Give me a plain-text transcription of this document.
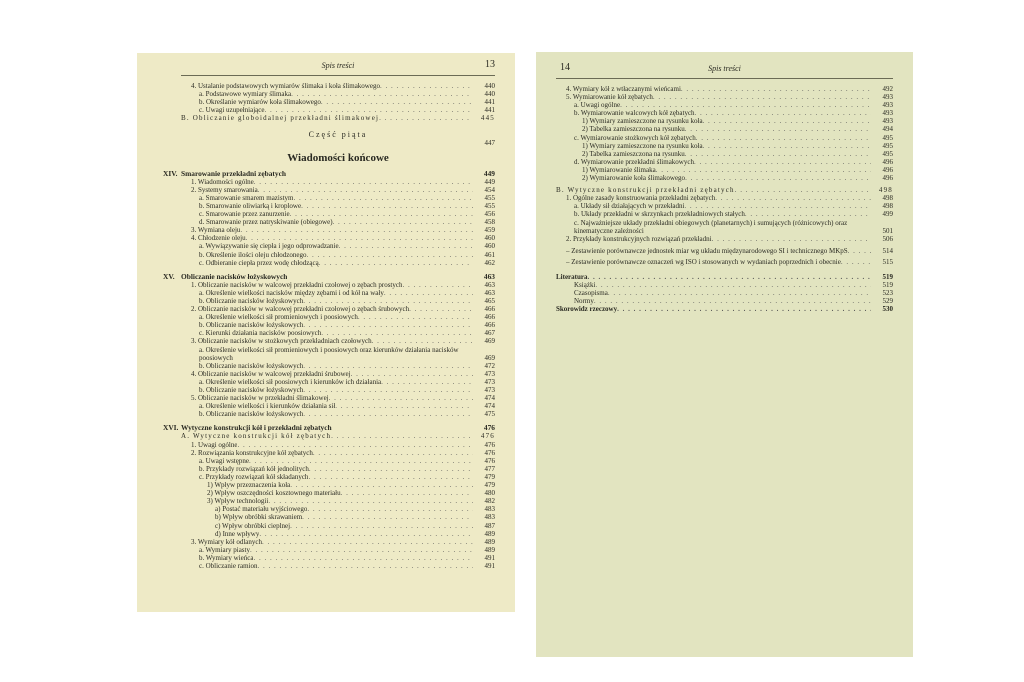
Spis treści	13
4. Ustalanie podstawowych wymiarów ślimaka i koła ślimakowego . . .	440
a. Podstawowe wymiary ślimaka . . .	440
b. Określanie wymiarów koła ślimakowego . . .	441
c. Uwagi uzupełniające . . .	441
B. Obliczanie globoidalnej przekładni ślimakowej . . .	445
Część piąta
447
Wiadomości końcowe
XIV. Smarowanie przekładni zębatych	449
1. Wiadomości ogólne . . .	449
2. Systemy smarowania . . .	454
a. Smarowanie smarem mazistym . . .	455
b. Smarowanie oliwiarką i kroplowe . . .	455
c. Smarowanie przez zanurzenie . . .	456
d. Smarowanie przez natryskiwanie (obiegowe) . . .	458
3. Wymiana oleju . . .	459
4. Chłodzenie oleju . . .	460
a. Wywiązywanie się ciepła i jego odprowadzanie . . .	460
b. Określenie ilości oleju chłodzonego . . .	461
c. Odbieranie ciepła przez wodę chłodzącą . . .	462
XV. Obliczanie nacisków łożyskowych	463
1. Obliczanie nacisków w walcowej przekładni czołowej o zębach prostych . . .	463
a. Określenie wielkości nacisków między zębami i od kół na wały . . .	463
b. Obliczanie nacisków łożyskowych . . .	465
2. Obliczanie nacisków w walcowej przekładni czołowej o zębach śrubowych . . .	466
a. Określenie wielkości sił promieniowych i poosiowych . . .	466
b. Obliczanie nacisków łożyskowych . . .	466
c. Kierunki działania nacisków poosiowych . . .	467
3. Obliczanie nacisków w stożkowych przekładniach czołowych . . .	469
a. Określenie wielkości sił promieniowych i poosiowych oraz kierunków działania nacisków poosiowych	469
b. Obliczanie nacisków łożyskowych . . .	472
4. Obliczanie nacisków w walcowej przekładni śrubowej . . .	473
a. Określenie wielkości sił poosiowych i kierunków ich działania . . .	473
b. Obliczanie nacisków łożyskowych . . .	473
5. Obliczanie nacisków w przekładni ślimakowej . . .	474
a. Określenie wielkości i kierunków działania sił . . .	474
b. Obliczanie nacisków łożyskowych . . .	475
XVI. Wytyczne konstrukcji kół i przekładni zębatych	476
A. Wytyczne konstrukcji kół zębatych . . .	476
1. Uwagi ogólne . . .	476
2. Rozwiązania konstrukcyjne kół zębatych . . .	476
a. Uwagi wstępne . . .	476
b. Przykłady rozwiązań kół jednolitych . . .	477
c. Przykłady rozwiązań kół składanych . . .	479
1) Wpływ przeznaczenia koła . . .	479
2) Wpływ oszczędności kosztownego materiału . . .	480
3) Wpływ technologii . . .	482
a) Postać materiału wyjściowego . . .	483
b) Wpływ obróbki skrawaniem . . .	483
c) Wpływ obróbki cieplnej . . .	487
d) Inne wpływy . . .	489
3. Wymiary kół odlanych . . .	489
a. Wymiary piasty . . .	489
b. Wymiary wieńca . . .	491
c. Obliczanie ramion . . .	491
14	Spis treści
4. Wymiary kół z wtłaczanymi wieńcami . . .	492
5. Wymiarowanie kół zębatych . . .	493
a. Uwagi ogólne . . .	493
b. Wymiarowanie walcowych kół zębatych . . .	493
1) Wymiary zamieszczone na rysunku koła . . .	493
2) Tabelka zamieszczona na rysunku . . .	494
c. Wymiarowanie stożkowych kół zębatych . . .	495
1) Wymiary zamieszczone na rysunku koła . . .	495
2) Tabelka zamieszczona na rysunku . . .	495
d. Wymiarowanie przekładni ślimakowych . . .	496
1) Wymiarowanie ślimaka . . .	496
2) Wymiarowanie koła ślimakowego . . .	496
B. Wytyczne konstrukcji przekładni zębatych . . .	498
1. Ogólne zasady konstruowania przekładni zębatych . . .	498
a. Układy sił działających w przekładni . . .	498
b. Układy przekładni w skrzynkach przekładniowych stałych . . .	499
c. Najważniejsze układy przekładni obiegowych (planetarnych) i sumujących (różnicowych) oraz kinematyczne zależności	501
2. Przykłady konstrukcyjnych rozwiązań przekładni . . .	506
– Zestawienie porównawcze jednostek miar wg układu międzynarodowego SI i technicznego MKpS . . .	514
– Zestawienie porównawcze oznaczeń wg ISO i stosowanych w wydaniach poprzednich i obecnie . . .	515
Literatura . . .	519
Książki . . .	519
Czasopisma . . .	523
Normy . . .	529
Skorowidz rzeczowy . . .	530
